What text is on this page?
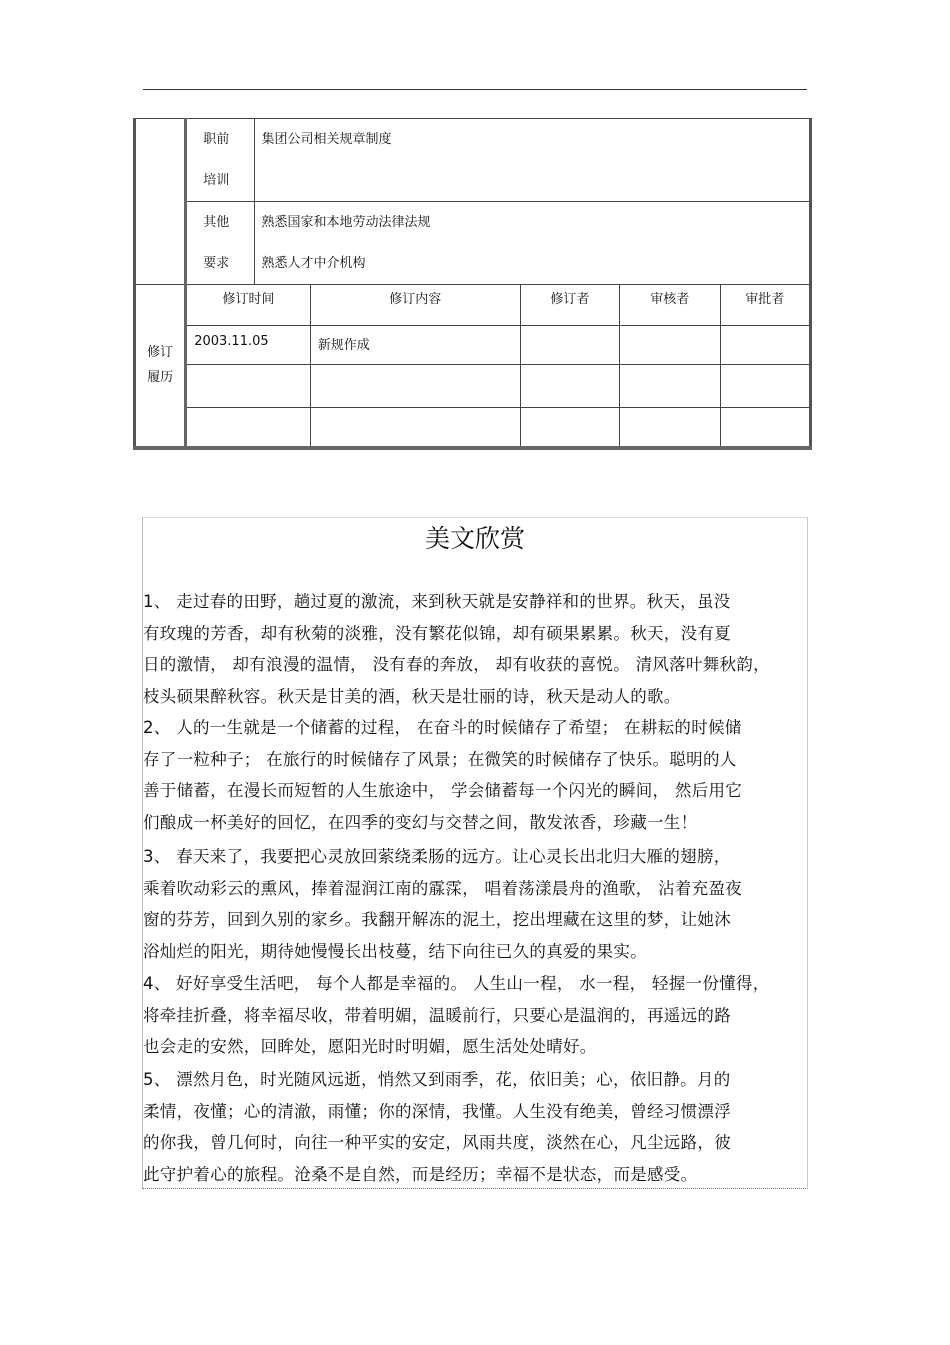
	职前
培训	集团公司相关规章制度				

	其他
要求	熟悉国家和本地劳动法律法规
熟悉人才中介机构				

修订
履历	修订时间		修订内容	修订者	审核者	审批者
	2003.11.05		新规作成			

美文欣赏

1、 走过春的田野，趟过夏的激流，来到秋天就是安静祥和的世界。秋天，虽没
有玫瑰的芳香，却有秋菊的淡雅，没有繁花似锦，却有硕果累累。秋天，没有夏
日的激情， 却有浪漫的温情， 没有春的奔放， 却有收获的喜悦。 清风落叶舞秋韵，
枝头硕果醉秋容。秋天是甘美的酒，秋天是壮丽的诗，秋天是动人的歌。

2、 人的一生就是一个储蓄的过程， 在奋斗的时候储存了希望； 在耕耘的时候储
存了一粒种子； 在旅行的时候储存了风景；在微笑的时候储存了快乐。聪明的人
善于储蓄，在漫长而短暂的人生旅途中， 学会储蓄每一个闪光的瞬间， 然后用它
们酿成一杯美好的回忆，在四季的变幻与交替之间，散发浓香，珍藏一生！

3、 春天来了，我要把心灵放回萦绕柔肠的远方。让心灵长出北归大雁的翅膀，
乘着吹动彩云的熏风，捧着湿润江南的霡霂， 唱着荡漾晨舟的渔歌， 沾着充盈夜
窗的芬芳，回到久别的家乡。我翻开解冻的泥土，挖出埋藏在这里的梦，让她沐
浴灿烂的阳光，期待她慢慢长出枝蔓，结下向往已久的真爱的果实。

4、 好好享受生活吧， 每个人都是幸福的。 人生山一程， 水一程， 轻握一份懂得，
将牵挂折叠，将幸福尽收，带着明媚，温暖前行，只要心是温润的，再遥远的路
也会走的安然，回眸处，愿阳光时时明媚，愿生活处处晴好。

5、 漂然月色，时光随风远逝，悄然又到雨季，花，依旧美；心，依旧静。月的
柔情，夜懂；心的清澈，雨懂；你的深情，我懂。人生没有绝美，曾经习惯漂浮
的你我，曾几何时，向往一种平实的安定，风雨共度，淡然在心，凡尘远路，彼
此守护着心的旅程。沧桑不是自然，而是经历；幸福不是状态，而是感受。
